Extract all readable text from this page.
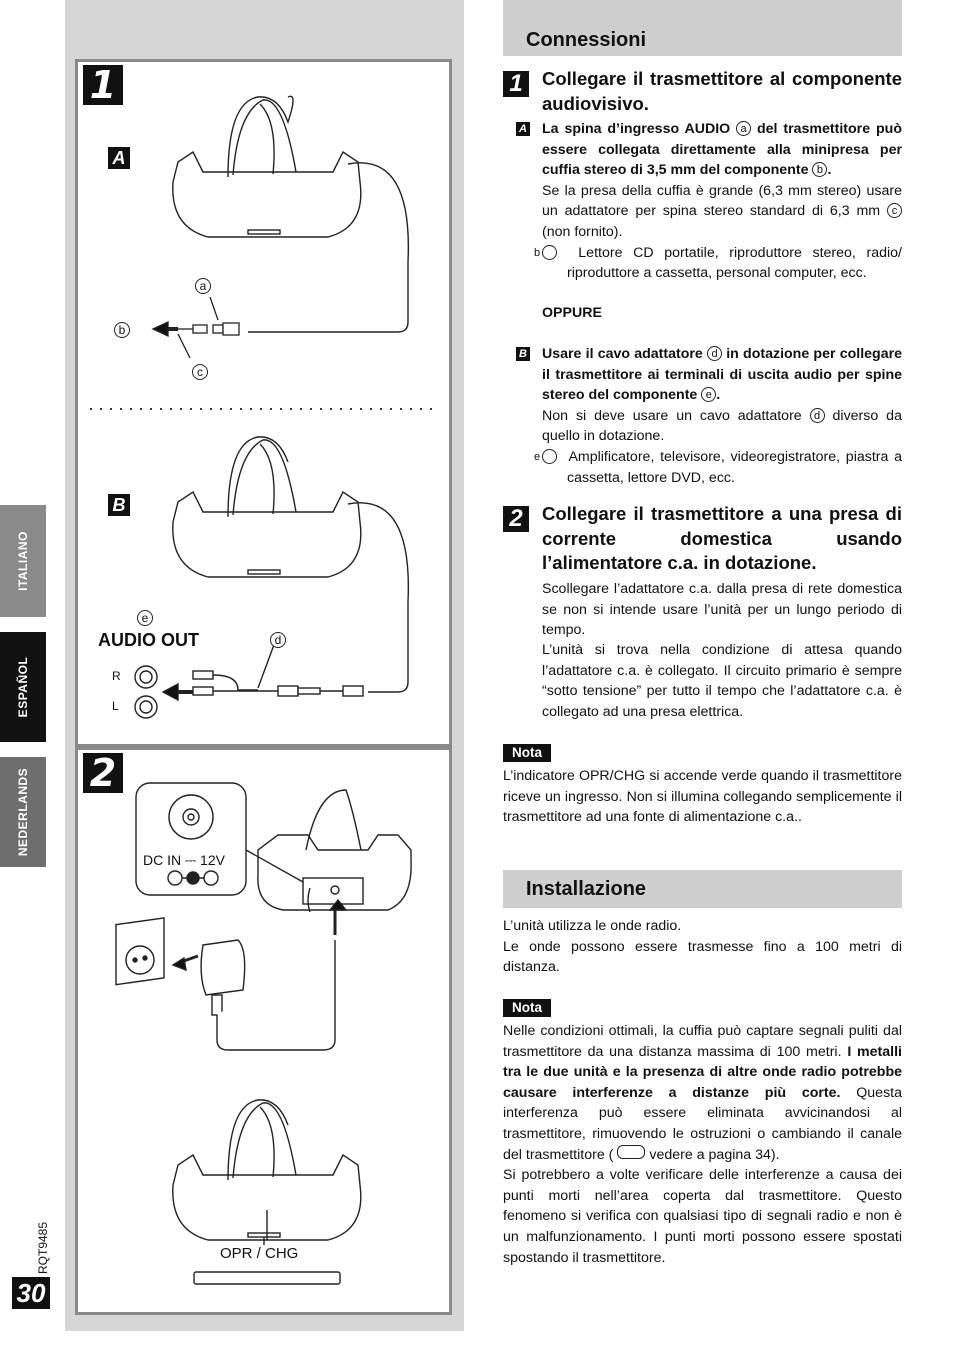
1
A
B
a
b
c
e
d
AUDIO OUT
R
L
2
DC IN ⎓ 12V
OPR / CHG
ITALIANO
ESPAÑOL
NEDERLANDS
RQT9485
30
Connessioni
1	Collegare il trasmettitore al componente audiovisivo.
A La spina d’ingresso AUDIO a del trasmettitore può essere collegata direttamente alla minipresa per cuffia stereo di 3,5 mm del componente b .
Se la presa della cuffia è grande (6,3 mm stereo) usare un adattatore per spina stereo standard di 6,3 mm c (non fornito).
b	Lettore CD portatile, riproduttore stereo, radio/ riproduttore a cassetta, personal computer, ecc.
OPPURE
B Usare il cavo adattatore d in dotazione per collegare il trasmettitore ai terminali di uscita audio per spine stereo del componente e .
Non si deve usare un cavo adattatore d diverso da quello in dotazione.
e Amplificatore, televisore, videoregistratore, piastra a cassetta, lettore DVD, ecc.
2	Collegare il trasmettitore a una presa di corrente domestica usando l’alimentatore c.a. in dotazione.
Scollegare l’adattatore c.a. dalla presa di rete domestica se non si intende usare l’unità per un lungo periodo di tempo.
L’unità si trova nella condizione di attesa quando l’adattatore c.a. è collegato. Il circuito primario è sempre “sotto tensione” per tutto il tempo che l’adattatore c.a. è collegato ad una presa elettrica.
Nota
L’indicatore OPR/CHG si accende verde quando il trasmettitore riceve un ingresso. Non si illumina collegando semplicemente il trasmettitore ad una fonte di alimentazione c.a..
Installazione
L’unità utilizza le onde radio.
Le onde possono essere trasmesse fino a 100 metri di distanza.
Nota
Nelle condizioni ottimali, la cuffia può captare segnali puliti dal trasmettitore da una distanza massima di 100 metri. I metalli tra le due unità e la presenza di altre onde radio potrebbe causare interferenze a distanze più corte. Questa interferenza può essere eliminata avvicinandosi al trasmettitore, rimuovendo le ostruzioni o cambiando il canale del trasmettitore (	vedere a pagina 34).
Si potrebbero a volte verificare delle interferenze a causa dei punti morti nell’area coperta dal trasmettitore. Questo fenomeno si verifica con qualsiasi tipo di segnali radio e non è un malfunzionamento. I punti morti possono essere spostati spostando il trasmettitore.
